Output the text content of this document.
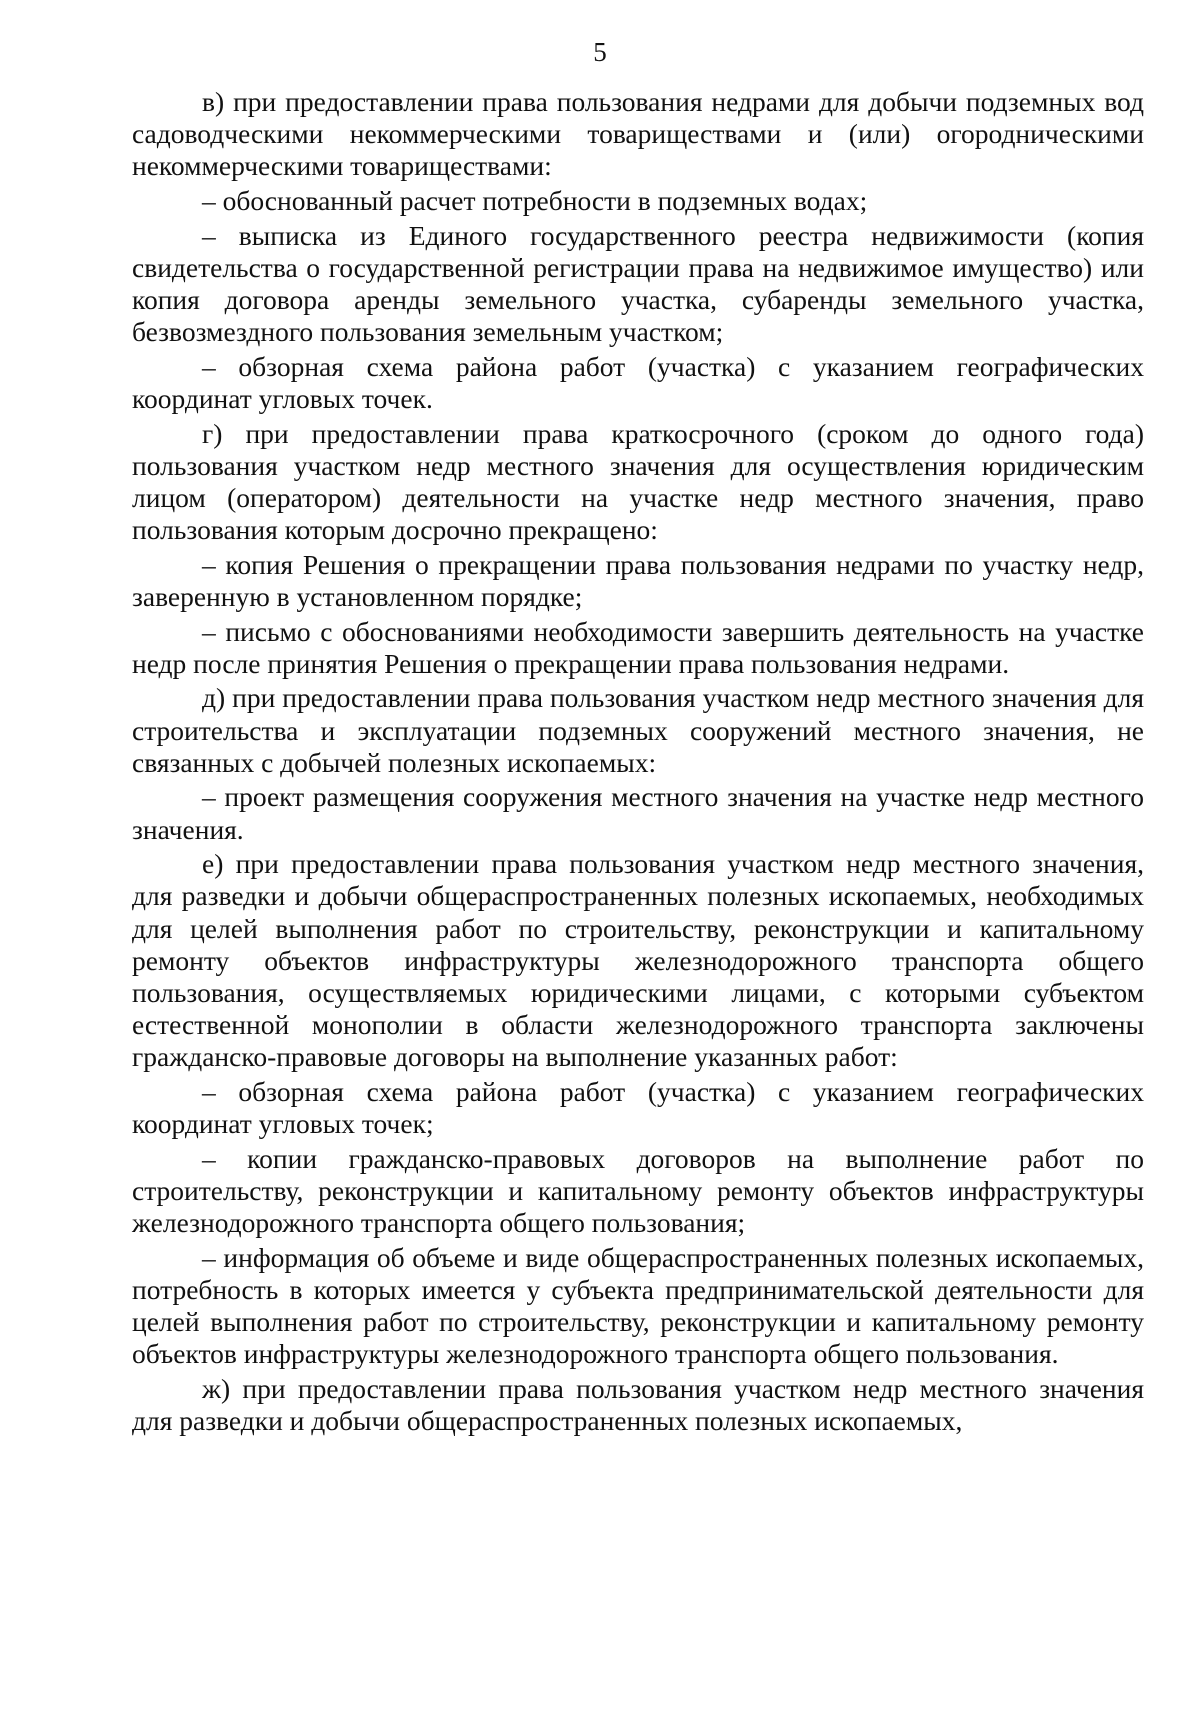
5

в) при предоставлении права пользования недрами для добычи подземных вод садоводческими некоммерческими товариществами и (или) огородническими некоммерческими товариществами:

– обоснованный расчет потребности в подземных водах;

– выписка из Единого государственного реестра недвижимости (копия свидетельства о государственной регистрации права на недвижимое имущество) или копия договора аренды земельного участка, субаренды земельного участка, безвозмездного пользования земельным участком;

– обзорная схема района работ (участка) с указанием географических координат угловых точек.

г) при предоставлении права краткосрочного (сроком до одного года) пользования участком недр местного значения для осуществления юридическим лицом (оператором) деятельности на участке недр местного значения, право пользования которым досрочно прекращено:

– копия Решения о прекращении права пользования недрами по участку недр, заверенную в установленном порядке;

– письмо с обоснованиями необходимости завершить деятельность на участке недр после принятия Решения о прекращении права пользования недрами.

д) при предоставлении права пользования участком недр местного значения для строительства и эксплуатации подземных сооружений местного значения, не связанных с добычей полезных ископаемых:

– проект размещения сооружения местного значения на участке недр местного значения.

е) при предоставлении права пользования участком недр местного значения, для разведки и добычи общераспространенных полезных ископаемых, необходимых для целей выполнения работ по строительству, реконструкции и капитальному ремонту объектов инфраструктуры железнодорожного транспорта общего пользования, осуществляемых юридическими лицами, с которыми субъектом естественной монополии в области железнодорожного транспорта заключены гражданско-правовые договоры на выполнение указанных работ:

– обзорная схема района работ (участка) с указанием географических координат угловых точек;

– копии гражданско-правовых договоров на выполнение работ по строительству, реконструкции и капитальному ремонту объектов инфраструктуры железнодорожного транспорта общего пользования;

– информация об объеме и виде общераспространенных полезных ископаемых, потребность в которых имеется у субъекта предпринимательской деятельности для целей выполнения работ по строительству, реконструкции и капитальному ремонту объектов инфраструктуры железнодорожного транспорта общего пользования.

ж) при предоставлении права пользования участком недр местного значения для разведки и добычи общераспространенных полезных ископаемых,
